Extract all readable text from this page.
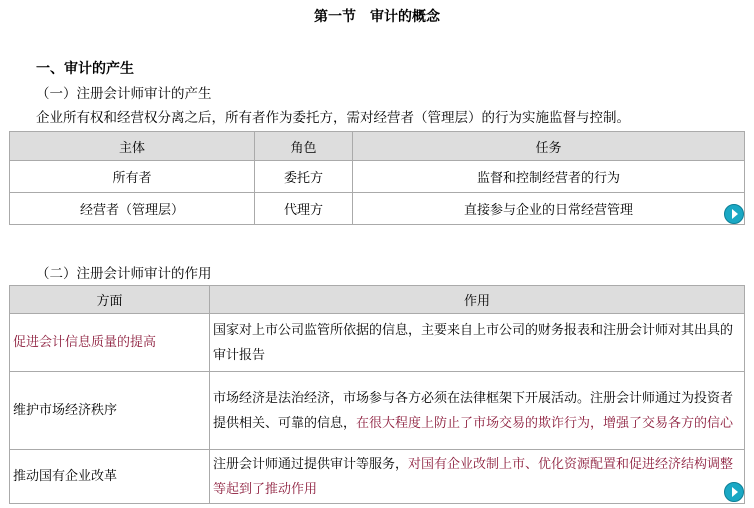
第一节　审计的概念
一、审计的产生
（一）注册会计师审计的产生
企业所有权和经营权分离之后，所有者作为委托方，需对经营者（管理层）的行为实施监督与控制。
主体	角色	任务
所有者	委托方	监督和控制经营者的行为
经营者（管理层）	代理方	直接参与企业的日常经营管理
（二）注册会计师审计的作用
方面	作用
促进会计信息质量的提高	国家对上市公司监管所依据的信息，主要来自上市公司的财务报表和注册会计师对其出具的审计报告
维护市场经济秩序	市场经济是法治经济，市场参与各方必须在法律框架下开展活动。注册会计师通过为投资者提供相关、可靠的信息，在很大程度上防止了市场交易的欺诈行为，增强了交易各方的信心
推动国有企业改革	注册会计师通过提供审计等服务，对国有企业改制上市、优化资源配置和促进经济结构调整等起到了推动作用
